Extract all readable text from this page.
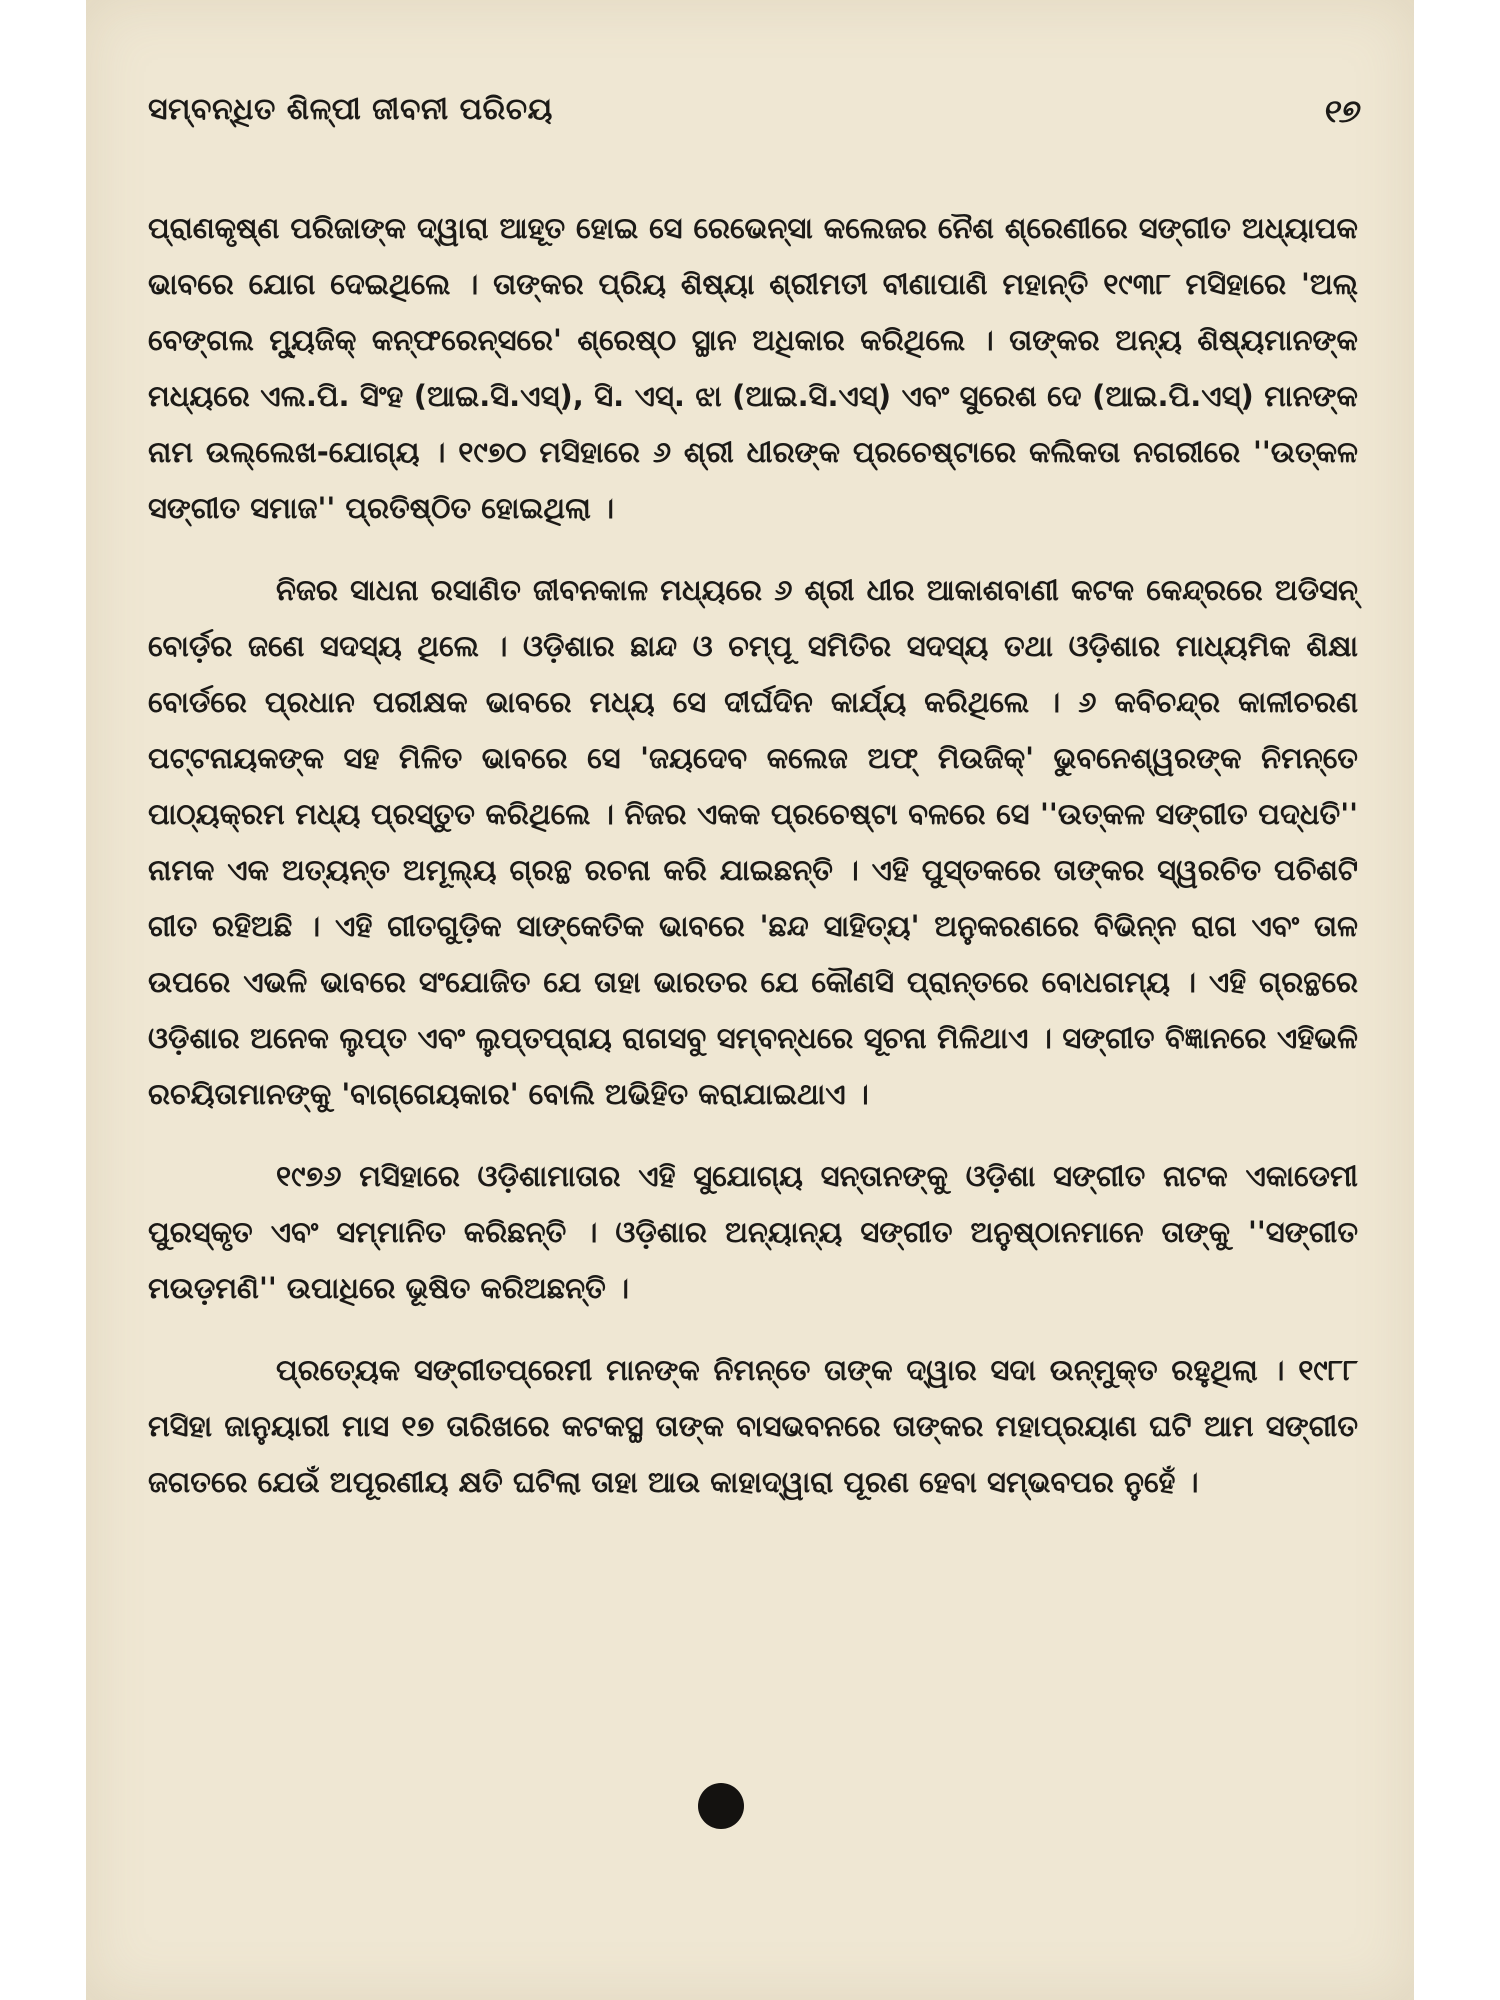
ସମ୍ବନ୍ଧିତ ଶିଳ୍ପୀ ଜୀବନୀ ପରିଚୟ	୧୭

ପ୍ରାଣକୃଷ୍ଣ ପରିଜାଙ୍କ ଦ୍ୱାରା ଆହୂତ ହୋଇ ସେ ରେଭେନ୍ସା କଲେଜର ନୈଶ ଶ୍ରେଣୀରେ ସଙ୍ଗୀତ ଅଧ୍ୟାପକ ଭାବରେ ଯୋଗ ଦେଇଥିଲେ । ତାଙ୍କର ପ୍ରିୟ ଶିଷ୍ୟା ଶ୍ରୀମତୀ ବୀଣାପାଣି ମହାନ୍ତି ୧୯୩୮ ମସିହାରେ 'ଅଲ୍ ବେଙ୍ଗଲ ମ୍ୟୁଜିକ୍ କନ୍‌ଫରେନ୍ସରେ' ଶ୍ରେଷ୍ଠ ସ୍ଥାନ ଅଧିକାର କରିଥିଲେ । ତାଙ୍କର ଅନ୍ୟ ଶିଷ୍ୟମାନଙ୍କ ମଧ୍ୟରେ ଏଲ.ପି. ସିଂହ (ଆଇ.ସି.ଏସ୍), ସି. ଏସ୍. ଝା (ଆଇ.ସି.ଏସ୍) ଏବଂ ସୁରେଶ ଦେ (ଆଇ.ପି.ଏସ୍) ମାନଙ୍କ ନାମ ଉଲ୍ଲେଖ-ଯୋଗ୍ୟ । ୧୯୭୦ ମସିହାରେ ୬ ଶ୍ରୀ ଧୀରଙ୍କ ପ୍ରଚେଷ୍ଟାରେ କଲିକତା ନଗରୀରେ ''ଉତ୍କଳ ସଙ୍ଗୀତ ସମାଜ'' ପ୍ରତିଷ୍ଠିତ ହୋଇଥିଲା ।

ନିଜର ସାଧନା ରସାଣିତ ଜୀବନକାଳ ମଧ୍ୟରେ ୬ ଶ୍ରୀ ଧୀର ଆକାଶବାଣୀ କଟକ କେନ୍ଦ୍ରରେ ଅଡିସନ୍ ବୋର୍ଡ଼ର ଜଣେ ସଦସ୍ୟ ଥିଲେ । ଓଡ଼ିଶାର ଛାନ୍ଦ ଓ ଚମ୍ପୂ ସମିତିର ସଦସ୍ୟ ତଥା ଓଡ଼ିଶାର ମାଧ୍ୟମିକ ଶିକ୍ଷା ବୋର୍ଡରେ ପ୍ରଧାନ ପରୀକ୍ଷକ ଭାବରେ ମଧ୍ୟ ସେ ଦୀର୍ଘଦିନ କାର୍ଯ୍ୟ କରିଥିଲେ । ୬ କବିଚନ୍ଦ୍ର କାଳୀଚରଣ ପଟ୍ଟନାୟକଙ୍କ ସହ ମିଳିତ ଭାବରେ ସେ 'ଜୟଦେବ କଲେଜ ଅଫ୍ ମିଉଜିକ୍' ଭୁବନେଶ୍ୱରଙ୍କ ନିମନ୍ତେ ପାଠ୍ୟକ୍ରମ ମଧ୍ୟ ପ୍ରସ୍ତୁତ କରିଥିଲେ । ନିଜର ଏକକ ପ୍ରଚେଷ୍ଟା ବଳରେ ସେ ''ଉତ୍କଳ ସଙ୍ଗୀତ ପଦ୍ଧତି'' ନାମକ ଏକ ଅତ୍ୟନ୍ତ ଅମୂଲ୍ୟ ଗ୍ରନ୍ଥ ରଚନା କରି ଯାଇଛନ୍ତି । ଏହି ପୁସ୍ତକରେ ତାଙ୍କର ସ୍ୱରଚିତ ପଚିଶଟି ଗୀତ ରହିଅଛି । ଏହି ଗୀତଗୁଡ଼ିକ ସାଙ୍କେତିକ ଭାବରେ 'ଛନ୍ଦ ସାହିତ୍ୟ' ଅନୁକରଣରେ ବିଭିନ୍ନ ରାଗ ଏବଂ ତାଳ ଉପରେ ଏଭଳି ଭାବରେ ସଂଯୋଜିତ ଯେ ତାହା ଭାରତର ଯେ କୌଣସି ପ୍ରାନ୍ତରେ ବୋଧଗମ୍ୟ । ଏହି ଗ୍ରନ୍ଥରେ ଓଡ଼ିଶାର ଅନେକ ଲୁପ୍ତ ଏବଂ ଲୁପ୍ତପ୍ରାୟ ରାଗସବୁ ସମ୍ବନ୍ଧରେ ସୂଚନା ମିଳିଥାଏ । ସଙ୍ଗୀତ ବିଜ୍ଞାନରେ ଏହିଭଳି ରଚୟିତାମାନଙ୍କୁ 'ବାଗ୍‌ଗେୟକାର' ବୋଲି ଅଭିହିତ କରାଯାଇଥାଏ ।

୧୯୭୬ ମସିହାରେ ଓଡ଼ିଶାମାତାର ଏହି ସୁଯୋଗ୍ୟ ସନ୍ତାନଙ୍କୁ ଓଡ଼ିଶା ସଙ୍ଗୀତ ନାଟକ ଏକାଡେମୀ ପୁରସ୍କୃତ ଏବଂ ସମ୍ମାନିତ କରିଛନ୍ତି । ଓଡ଼ିଶାର ଅନ୍ୟାନ୍ୟ ସଙ୍ଗୀତ ଅନୁଷ୍ଠାନମାନେ ତାଙ୍କୁ ''ସଙ୍ଗୀତ ମଉଡ଼ମଣି'' ଉପାଧିରେ ଭୂଷିତ କରିଅଛନ୍ତି ।

ପ୍ରତ୍ୟେକ ସଙ୍ଗୀତପ୍ରେମୀ ମାନଙ୍କ ନିମନ୍ତେ ତାଙ୍କ ଦ୍ୱାର ସଦା ଉନ୍ମୁକ୍ତ ରହୁଥିଲା । ୧୯୮୮ ମସିହା ଜାନୁୟାରୀ ମାସ ୧୭ ତାରିଖରେ କଟକସ୍ଥ ତାଙ୍କ ବାସଭବନରେ ତାଙ୍କର ମହାପ୍ରୟାଣ ଘଟି ଆମ ସଙ୍ଗୀତ ଜଗତରେ ଯେଉଁ ଅପୂରଣୀୟ କ୍ଷତି ଘଟିଲା ତାହା ଆଉ କାହାଦ୍ୱାରା ପୂରଣ ହେବା ସମ୍ଭବପର ନୁହେଁ ।
